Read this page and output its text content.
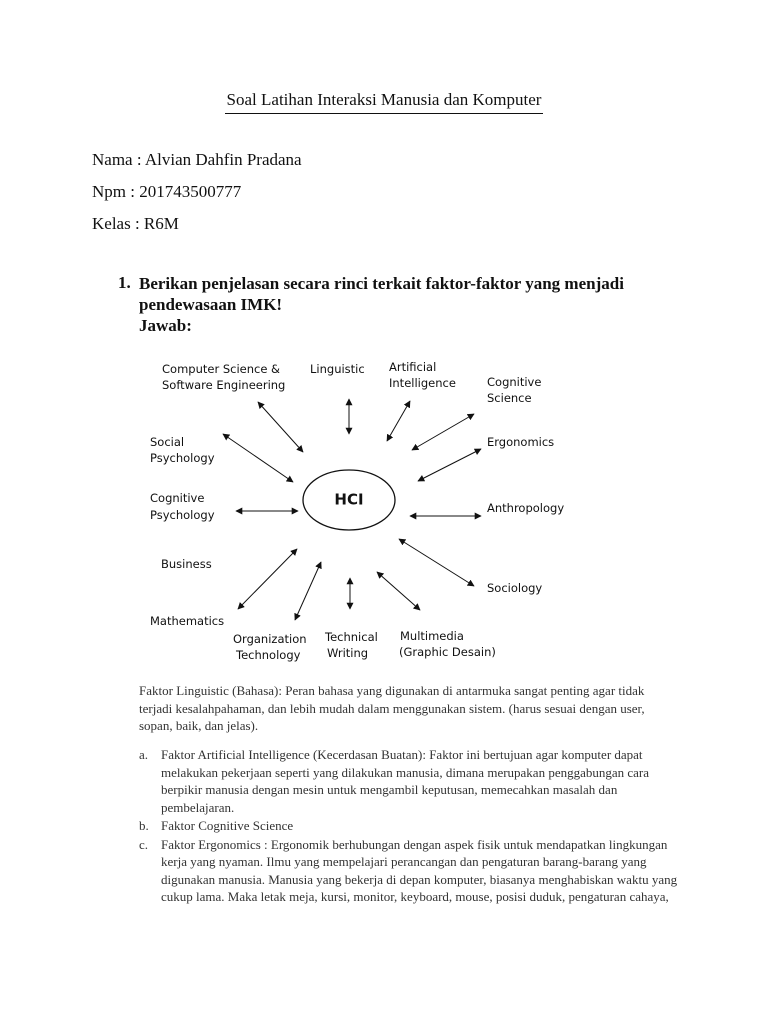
Soal Latihan Interaksi Manusia dan Komputer
Nama : Alvian Dahfin Pradana
Npm : 201743500777
Kelas : R6M
1. Berikan penjelasan secara rinci terkait faktor-faktor yang menjadi pendewasaan IMK!
Jawab:
HCI
Computer Science &
Software Engineering
Linguistic Artificial
Intelligence	Cognitive
Science
Social
Psychology
Ergonomics
Cognitive
Psychology	Anthropology
Business
Sociology
Mathematics
Organization
Technology
Technical
Writing
Multimedia
(Graphic Desain)
Faktor Linguistic (Bahasa): Peran bahasa yang digunakan di antarmuka sangat penting agar tidak terjadi kesalahpahaman, dan lebih mudah dalam menggunakan sistem. (harus sesuai dengan user, sopan, baik, dan jelas).
a. Faktor Artificial Intelligence (Kecerdasan Buatan): Faktor ini bertujuan agar komputer dapat melakukan pekerjaan seperti yang dilakukan manusia, dimana merupakan penggabungan cara berpikir manusia dengan mesin untuk mengambil keputusan, memecahkan masalah dan pembelajaran.
b. Faktor Cognitive Science
c. Faktor Ergonomics : Ergonomik berhubungan dengan aspek fisik untuk mendapatkan lingkungan kerja yang nyaman. Ilmu yang mempelajari perancangan dan pengaturan barang-barang yang digunakan manusia. Manusia yang bekerja di depan komputer, biasanya menghabiskan waktu yang cukup lama. Maka letak meja, kursi, monitor, keyboard, mouse, posisi duduk, pengaturan cahaya,
